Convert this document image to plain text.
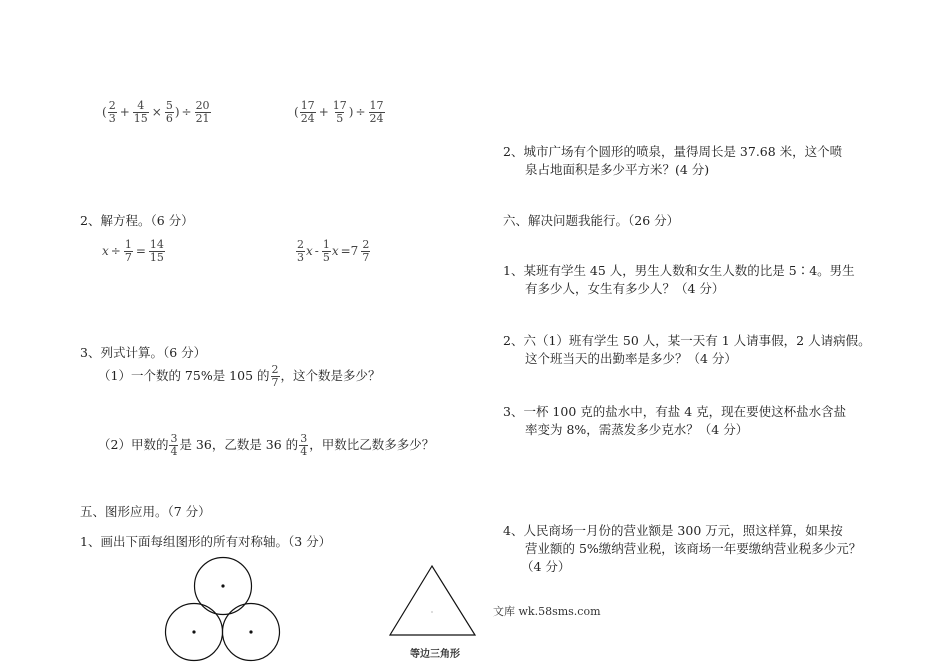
( $\frac{2}{3} + \frac{4}{15} \times \frac{5}{6}$ ) ÷ $\frac{20}{21}$	( $\frac{17}{24} + \frac{17}{5}$ ) ÷ $\frac{17}{24}$
2、解方程。（6 分）
$x \div \frac{1}{7} = \frac{14}{15}$	$\frac{2}{3}$ x - $\frac{1}{5}$ $x =7 \frac{2}{7}$
3、列式计算。（6 分）
（1）一个数的 75%是 105 的 $\frac{2}{7}$ ，这个数是多少？
（2）甲数的 $\frac{3}{4}$ 是 36，乙数是 36 的 $\frac{3}{4}$ ，甲数比乙数多多少？
五、图形应用。（7 分）
1、画出下面每组图形的所有对称轴。（3 分）
等边三角形
文库 wk.58sms.com
2、城市广场有个圆形的喷泉，量得周长是 37.68 米，这个喷
泉占地面积是多少平方米？(4 分)
六、解决问题我能行。（26 分）
1、某班有学生 45 人，男生人数和女生人数的比是 5∶4。男生
有多少人，女生有多少人？（4 分）
2、六（1）班有学生 50 人，某一天有 1 人请事假，2 人请病假。
这个班当天的出勤率是多少？（4 分）
3、一杯 100 克的盐水中，有盐 4 克，现在要使这杯盐水含盐
率变为 8%，需蒸发多少克水？（4 分）
4、人民商场一月份的营业额是 300 万元，照这样算，如果按
营业额的 5%缴纳营业税，该商场一年要缴纳营业税多少元？
（4 分）
